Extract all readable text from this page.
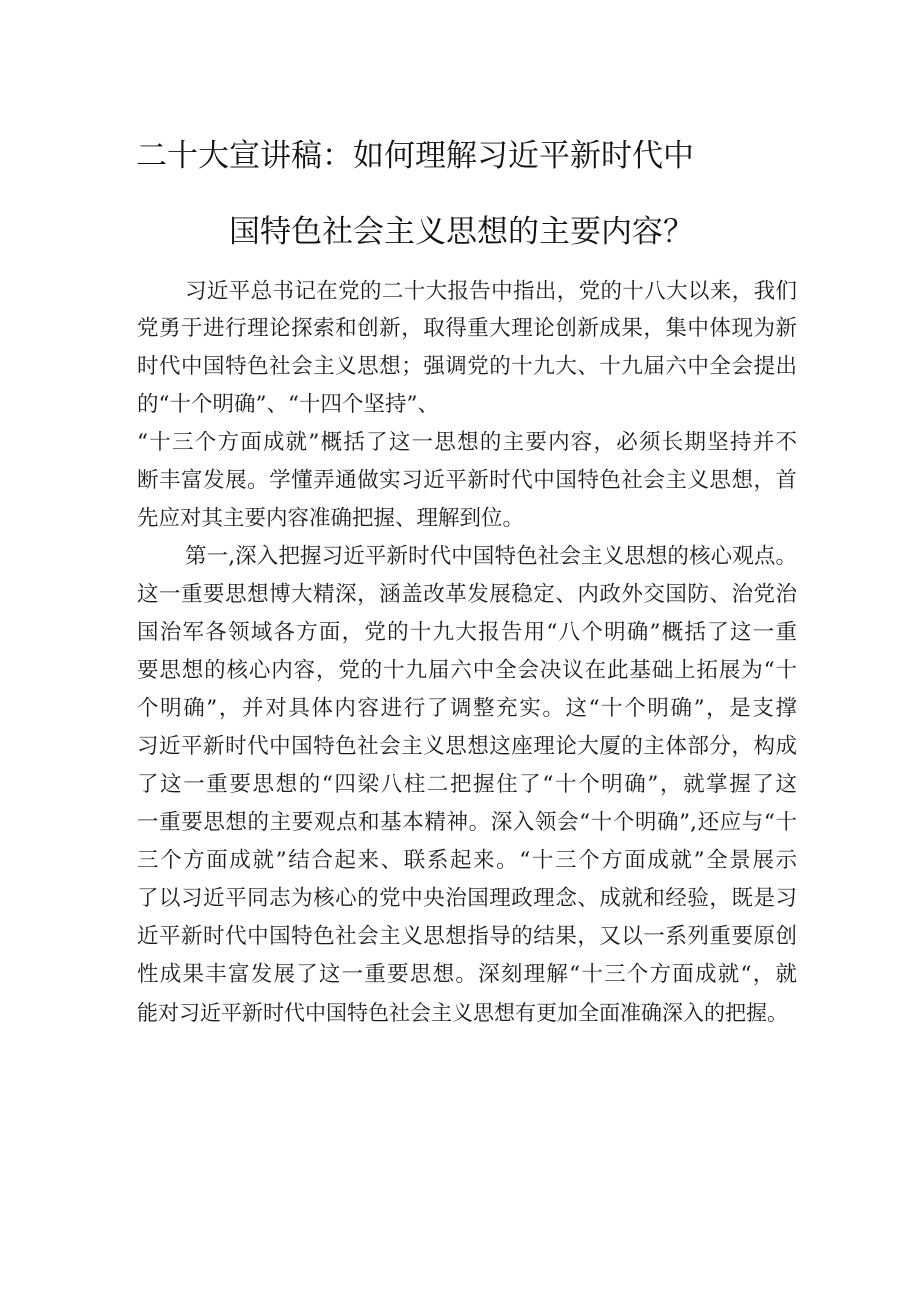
二十大宣讲稿：如何理解习近平新时代中
国特色社会主义思想的主要内容？
习近平总书记在党的二十大报告中指出，党的十八大以来，我们
党勇于进行理论探索和创新，取得重大理论创新成果，集中体现为新
时代中国特色社会主义思想；强调党的十九大、十九届六中全会提出
的“十个明确”、“十四个坚持”、
“十三个方面成就”概括了这一思想的主要内容，必须长期坚持并不
断丰富发展。学懂弄通做实习近平新时代中国特色社会主义思想，首
先应对其主要内容准确把握、理解到位。
第一,深入把握习近平新时代中国特色社会主义思想的核心观点。
这一重要思想博大精深，涵盖改革发展稳定、内政外交国防、治党治
国治军各领域各方面，党的十九大报告用“八个明确”概括了这一重
要思想的核心内容，党的十九届六中全会决议在此基础上拓展为“十
个明确”，并对具体内容进行了调整充实。这“十个明确”，是支撑
习近平新时代中国特色社会主义思想这座理论大厦的主体部分，构成
了这一重要思想的“四梁八柱二把握住了“十个明确”，就掌握了这
一重要思想的主要观点和基本精神。深入领会“十个明确”,还应与“十
三个方面成就”结合起来、联系起来。“十三个方面成就”全景展示
了以习近平同志为核心的党中央治国理政理念、成就和经验，既是习
近平新时代中国特色社会主义思想指导的结果，又以一系列重要原创
性成果丰富发展了这一重要思想。深刻理解“十三个方面成就“，就
能对习近平新时代中国特色社会主义思想有更加全面准确深入的把握。
